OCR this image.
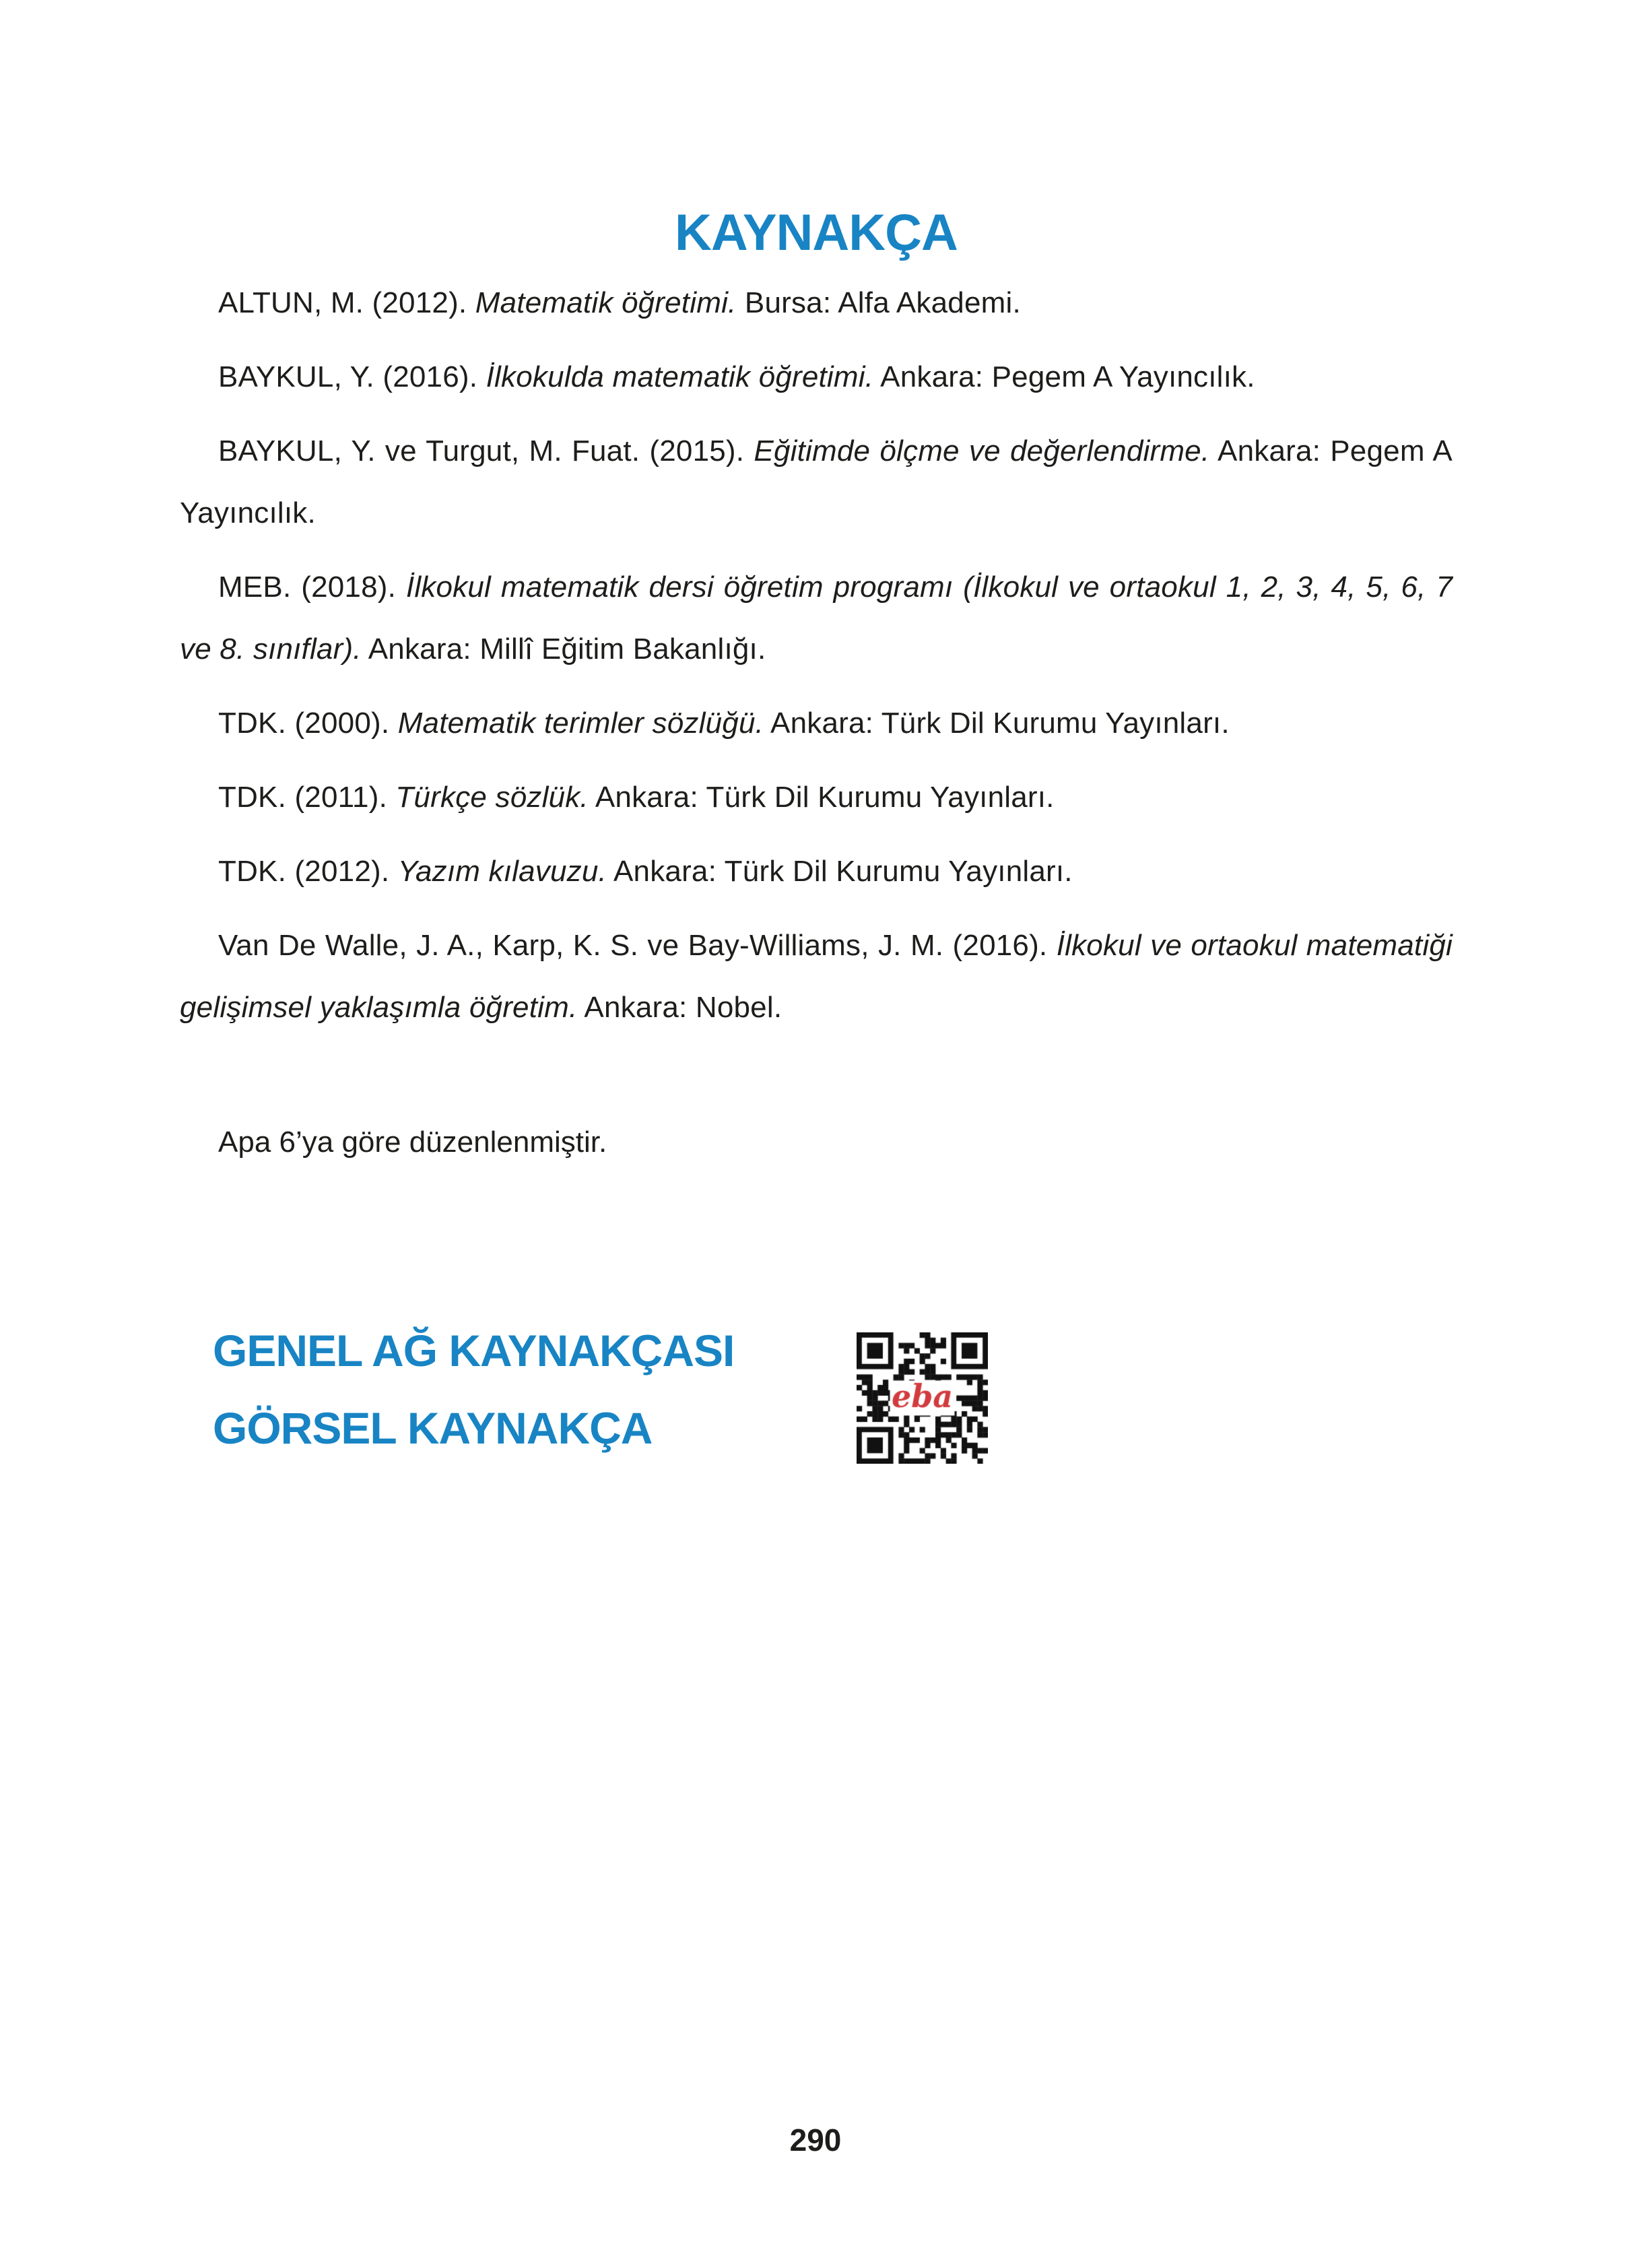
KAYNAKÇA

ALTUN, M. (2012). Matematik öğretimi. Bursa: Alfa Akademi.

BAYKUL, Y. (2016). İlkokulda matematik öğretimi. Ankara: Pegem A Yayıncılık.

BAYKUL, Y. ve Turgut, M. Fuat. (2015). Eğitimde ölçme ve değerlendirme. Ankara: Pegem A Yayıncılık.

MEB. (2018). İlkokul matematik dersi öğretim programı (İlkokul ve ortaokul 1, 2, 3, 4, 5, 6, 7 ve 8. sınıflar). Ankara: Millî Eğitim Bakanlığı.

TDK. (2000). Matematik terimler sözlüğü. Ankara: Türk Dil Kurumu Yayınları.

TDK. (2011). Türkçe sözlük. Ankara: Türk Dil Kurumu Yayınları.

TDK. (2012). Yazım kılavuzu. Ankara: Türk Dil Kurumu Yayınları.

Van De Walle, J. A., Karp, K. S. ve Bay-Williams, J. M. (2016). İlkokul ve ortaokul matematiği gelişimsel yaklaşımla öğretim. Ankara: Nobel.

Apa 6’ya göre düzenlenmiştir.

GENEL AĞ KAYNAKÇASI
GÖRSEL KAYNAKÇA
290
